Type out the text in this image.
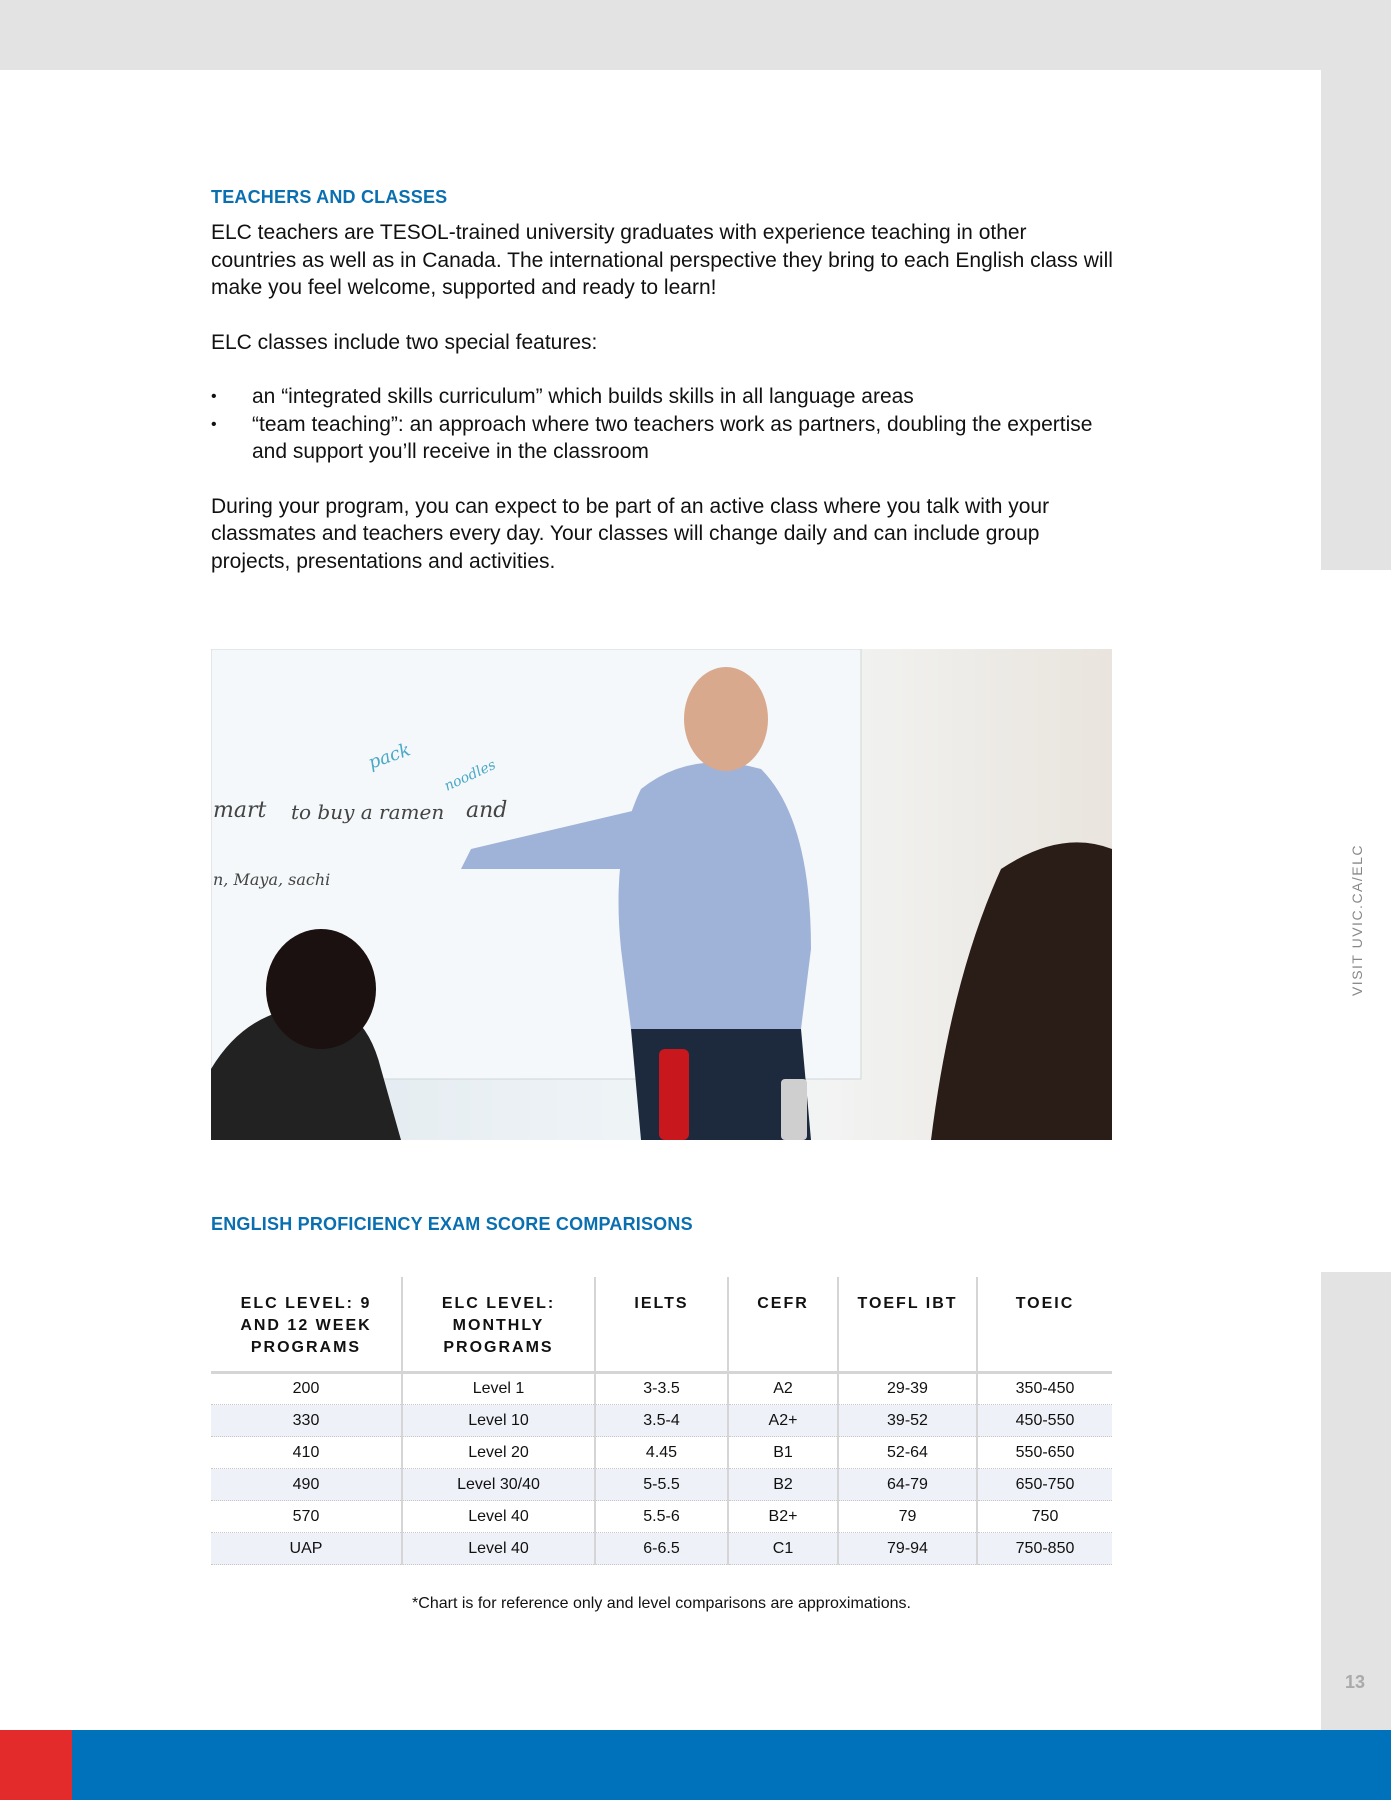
VISIT UVIC.CA/ELC
13
TEACHERS AND CLASSES

ELC teachers are TESOL-trained university graduates with experience teaching in other countries as well as in Canada. The international perspective they bring to each English class will make you feel welcome, supported and ready to learn!

ELC classes include two special features:

• an “integrated skills curriculum” which builds skills in all language areas
• “team teaching”: an approach where two teachers work as partners, doubling the expertise and support you’ll receive in the classroom

During your program, you can expect to be part of an active class where you talk with your classmates and teachers every day. Your classes will change daily and can include group projects, presentations and activities.

mart to buy a ramen and
pack
noodles
n, Maya, sachi
ENGLISH PROFICIENCY EXAM SCORE COMPARISONS
ELC LEVEL: 9 AND 12 WEEK PROGRAMS	ELC LEVEL: MONTHLY PROGRAMS	IELTS	CEFR	TOEFL IBT	TOEIC
200	Level 1	3-3.5	A2	29-39	350-450
330	Level 10	3.5-4	A2+	39-52	450-550
410	Level 20	4.45	B1	52-64	550-650
490	Level 30/40	5-5.5	B2	64-79	650-750
570	Level 40	5.5-6	B2+	79	750
UAP	Level 40	6-6.5	C1	79-94	750-850
*Chart is for reference only and level comparisons are approximations.
